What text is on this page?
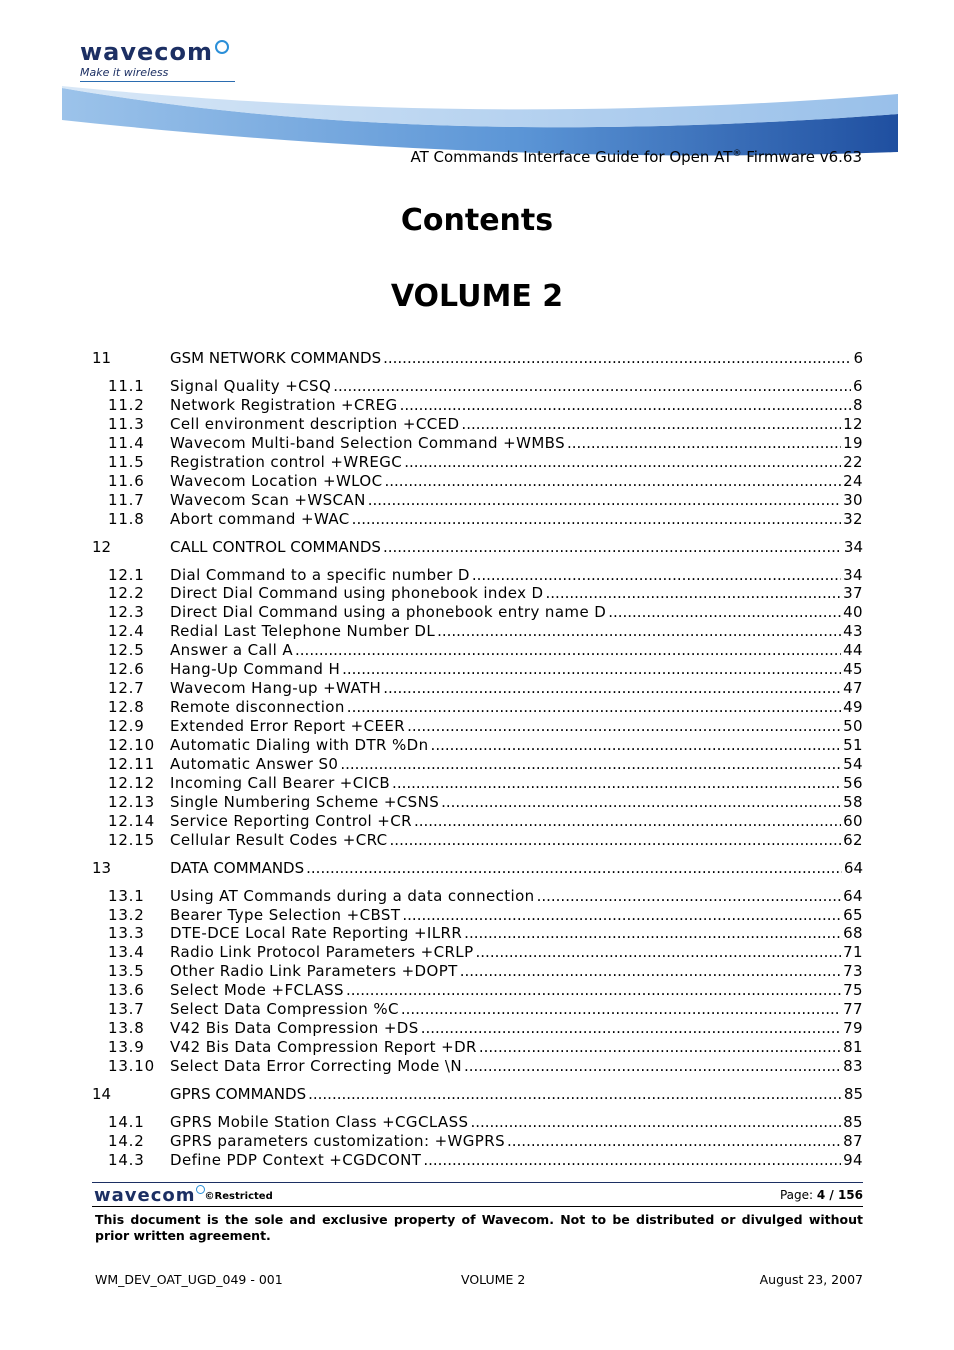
wavecom
Make it wireless
AT Commands Interface Guide for Open AT® Firmware v6.63
Contents
VOLUME 2
11	GSM NETWORK COMMANDS .....	6
11.1	Signal Quality +CSQ .....	6
11.2	Network Registration +CREG .....	8
11.3	Cell environment description +CCED .....	12
11.4	Wavecom Multi-band Selection Command +WMBS .....	19
11.5	Registration control +WREGC .....	22
11.6	Wavecom Location +WLOC .....	24
11.7	Wavecom Scan +WSCAN .....	30
11.8	Abort command +WAC .....	32
12	CALL CONTROL COMMANDS .....	34
12.1	Dial Command to a specific number D .....	34
12.2	Direct Dial Command using phonebook index D .....	37
12.3	Direct Dial Command using a phonebook entry name D .....	40
12.4	Redial Last Telephone Number DL .....	43
12.5	Answer a Call A .....	44
12.6	Hang-Up Command H .....	45
12.7	Wavecom Hang-up +WATH .....	47
12.8	Remote disconnection .....	49
12.9	Extended Error Report +CEER .....	50
12.10	Automatic Dialing with DTR %Dn .....	51
12.11	Automatic Answer S0 .....	54
12.12	Incoming Call Bearer +CICB .....	56
12.13	Single Numbering Scheme +CSNS .....	58
12.14	Service Reporting Control +CR .....	60
12.15	Cellular Result Codes +CRC .....	62
13	DATA COMMANDS .....	64
13.1	Using AT Commands during a data connection .....	64
13.2	Bearer Type Selection +CBST .....	65
13.3	DTE-DCE Local Rate Reporting +ILRR .....	68
13.4	Radio Link Protocol Parameters +CRLP .....	71
13.5	Other Radio Link Parameters +DOPT .....	73
13.6	Select Mode +FCLASS .....	75
13.7	Select Data Compression %C .....	77
13.8	V42 Bis Data Compression +DS .....	79
13.9	V42 Bis Data Compression Report +DR .....	81
13.10	Select Data Error Correcting Mode \N .....	83
14	GPRS COMMANDS .....	85
14.1	GPRS Mobile Station Class +CGCLASS .....	85
14.2	GPRS parameters customization: +WGPRS .....	87
14.3	Define PDP Context +CGDCONT .....	94
wavecom ©Restricted	Page: 4 / 156
This document is the sole and exclusive property of Wavecom. Not to be distributed or divulged without prior written agreement.
WM_DEV_OAT_UGD_049 - 001	VOLUME 2	August 23, 2007
